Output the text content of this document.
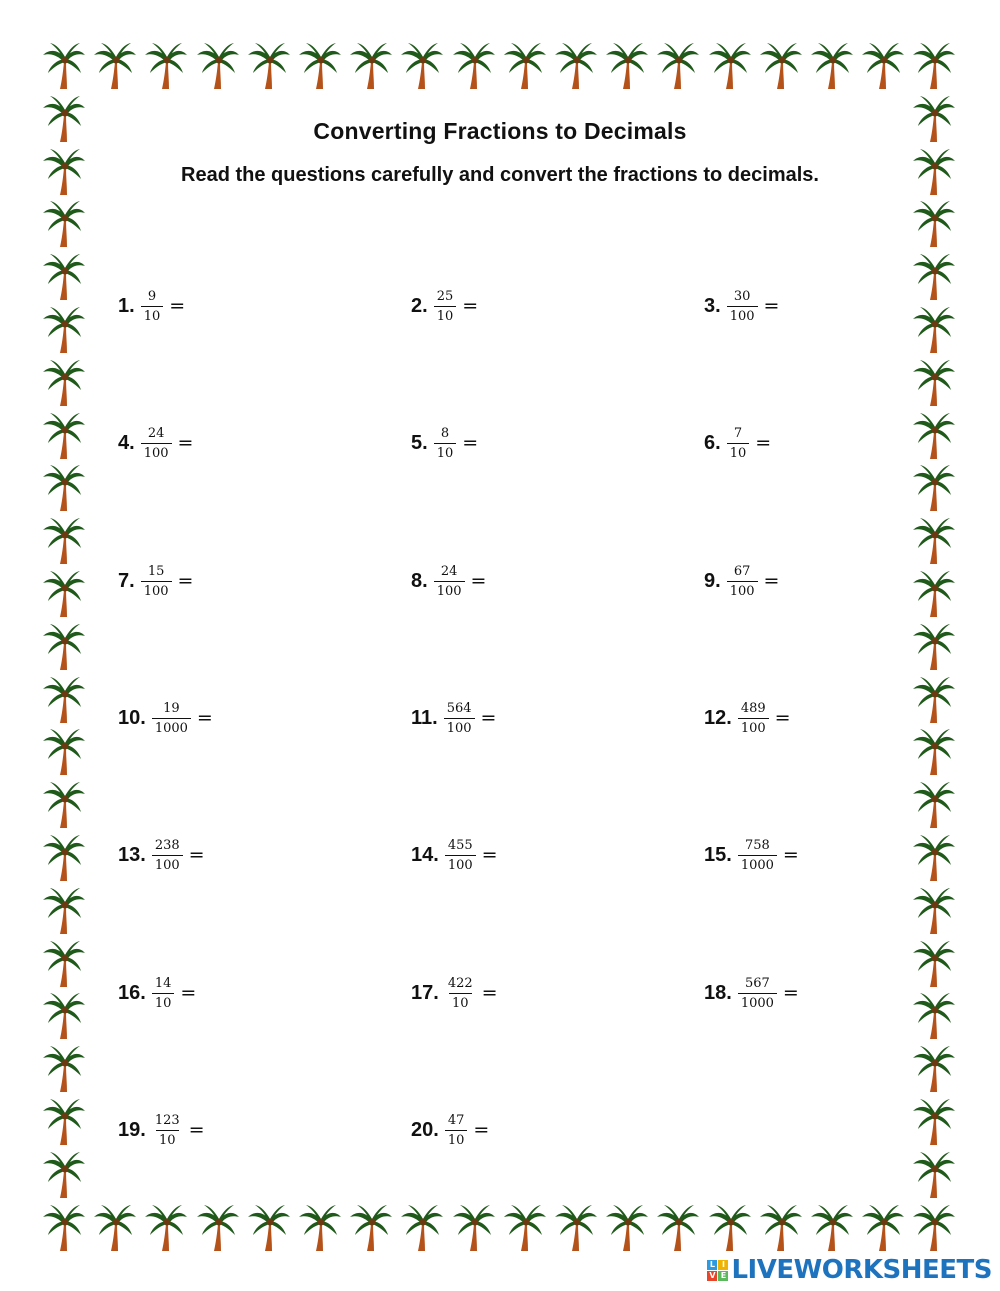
Converting Fractions to Decimals
Read the questions carefully and convert the fractions to decimals.
1. $\frac{9}{10}$ =	2. $\frac{25}{10}$ =	3. $\frac{30}{100}$ =
4. $\frac{24}{100}$ =	5. $\frac{8}{10}$ =	6. $\frac{7}{10}$ =
7. $\frac{15}{100}$ =	8. $\frac{24}{100}$ =	9. $\frac{67}{100}$ =
10. $\frac{19}{1000}$ =	11. $\frac{564}{100}$ =	12. $\frac{489}{100}$ =
13. $\frac{238}{100}$ =	14. $\frac{455}{100}$ =	15. $\frac{758}{1000}$ =
16. $\frac{14}{10}$ =	17. $\frac{422}{10}$ =	18. $\frac{567}{1000}$ =
19. $\frac{123}{10}$ =	20. $\frac{47}{10}$ =
L I
V E LIVEWORKSHEETS
